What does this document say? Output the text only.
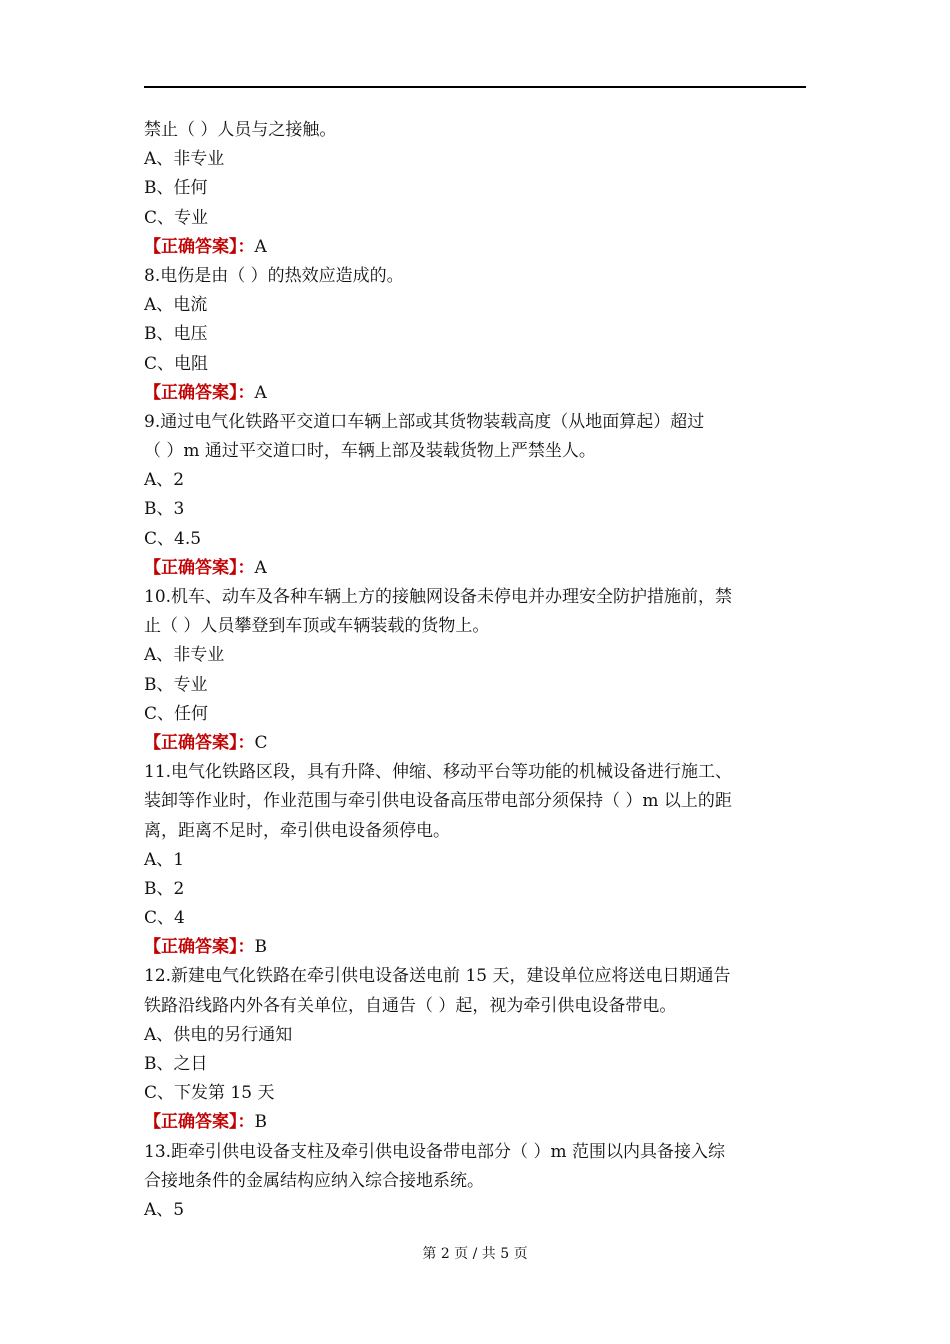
禁止（ ）人员与之接触。
A、非专业
B、任何
C、专业
【正确答案】：A
8.电伤是由（ ）的热效应造成的。
A、电流
B、电压
C、电阻
【正确答案】：A
9.通过电气化铁路平交道口车辆上部或其货物装载高度（从地面算起）超过
（ ）m 通过平交道口时，车辆上部及装载货物上严禁坐人。
A、2
B、3
C、4.5
【正确答案】：A
10.机车、动车及各种车辆上方的接触网设备未停电并办理安全防护措施前，禁
止（ ）人员攀登到车顶或车辆装载的货物上。
A、非专业
B、专业
C、任何
【正确答案】：C
11.电气化铁路区段，具有升降、伸缩、移动平台等功能的机械设备进行施工、
装卸等作业时，作业范围与牵引供电设备高压带电部分须保持（ ）m 以上的距
离，距离不足时，牵引供电设备须停电。
A、1
B、2
C、4
【正确答案】：B
12.新建电气化铁路在牵引供电设备送电前 15 天，建设单位应将送电日期通告
铁路沿线路内外各有关单位，自通告（ ）起，视为牵引供电设备带电。
A、供电的另行通知
B、之日
C、下发第 15 天
【正确答案】：B
13.距牵引供电设备支柱及牵引供电设备带电部分（ ）m 范围以内具备接入综
合接地条件的金属结构应纳入综合接地系统。
A、5
第 2 页 / 共 5 页
